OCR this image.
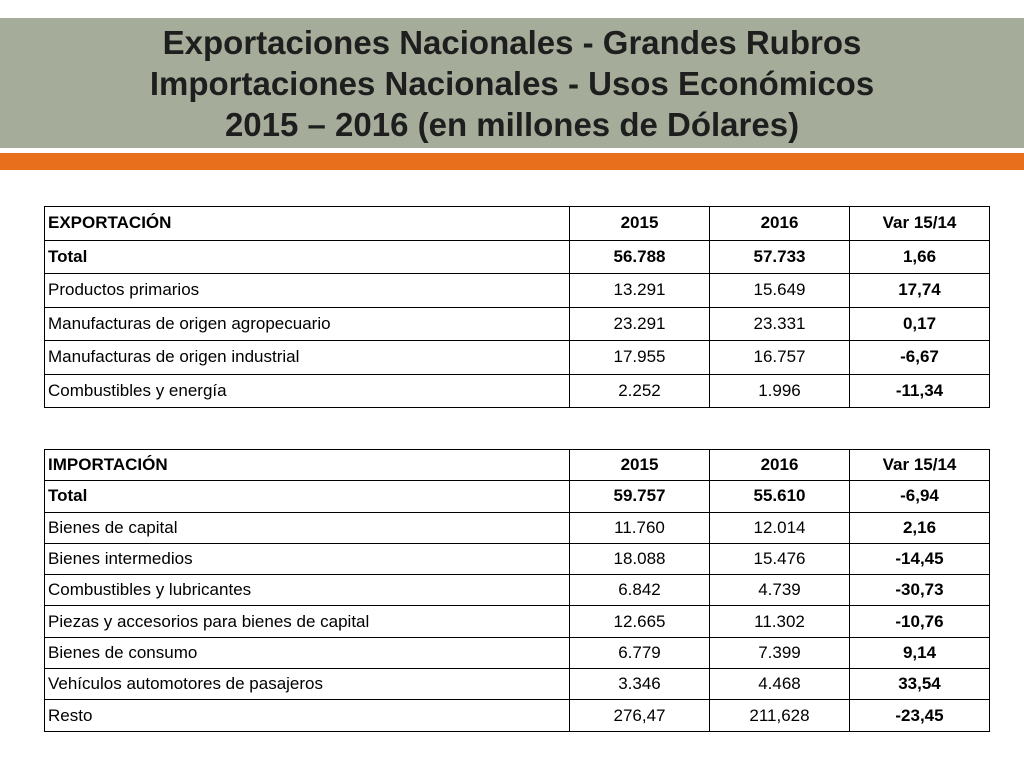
Exportaciones Nacionales - Grandes Rubros
Importaciones Nacionales - Usos Económicos
2015 – 2016 (en millones de Dólares)
EXPORTACIÓN	2015	2016	Var 15/14
Total	56.788	57.733	1,66
Productos primarios	13.291	15.649	17,74
Manufacturas de origen agropecuario	23.291	23.331	0,17
Manufacturas de origen industrial	17.955	16.757	-6,67
Combustibles y energía	2.252	1.996	-11,34
IMPORTACIÓN	2015	2016	Var 15/14
Total	59.757	55.610	-6,94
Bienes de capital	11.760	12.014	2,16
Bienes intermedios	18.088	15.476	-14,45
Combustibles y lubricantes	6.842	4.739	-30,73
Piezas y accesorios para bienes de capital	12.665	11.302	-10,76
Bienes de consumo	6.779	7.399	9,14
Vehículos automotores de pasajeros	3.346	4.468	33,54
Resto	276,47	211,628	-23,45
